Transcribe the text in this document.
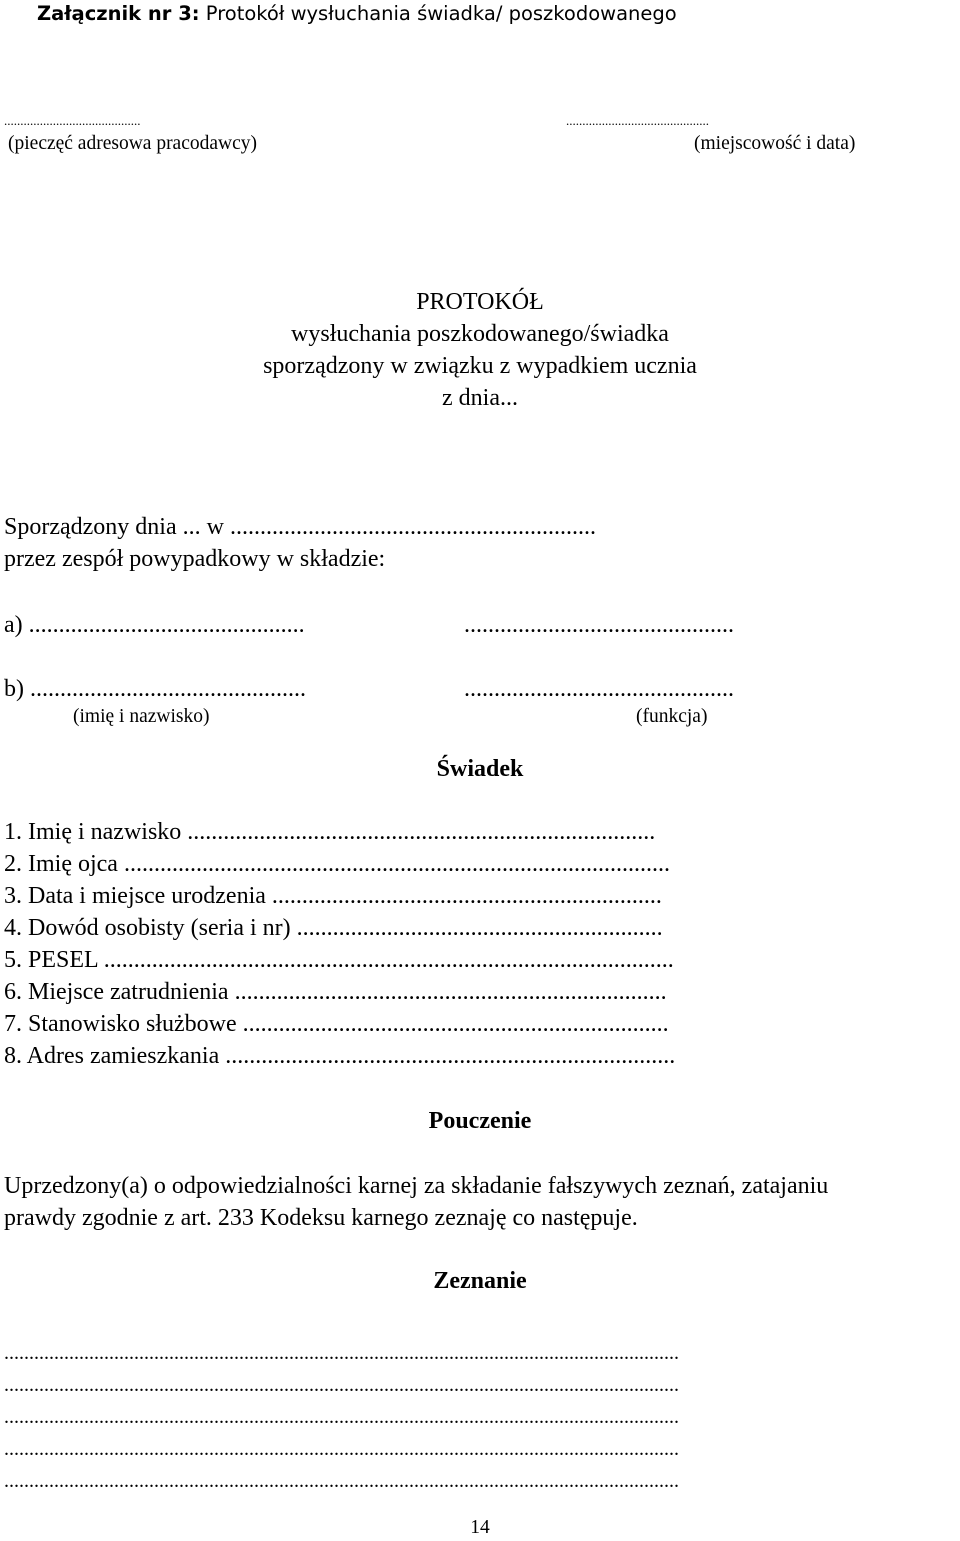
Załącznik nr 3: Protokół wysłuchania świadka/ poszkodowanego
..........................................
(pieczęć adresowa pracodawcy)
............................................
(miejscowość i data)
PROTOKÓŁ
wysłuchania poszkodowanego/świadka
sporządzony w związku z wypadkiem ucznia
z dnia...
Sporządzony dnia ... w .............................................................
przez zespół powypadkowy w składzie:
a) ..............................................	.............................................
b) ..............................................	.............................................
(imię i nazwisko)	(funkcja)
Świadek
1. Imię i nazwisko ..............................................................................
2. Imię ojca ...........................................................................................
3. Data i miejsce urodzenia .................................................................
4. Dowód osobisty (seria i nr) .............................................................
5. PESEL ...............................................................................................
6. Miejsce zatrudnienia ........................................................................
7. Stanowisko służbowe .......................................................................
8. Adres zamieszkania ...........................................................................
Pouczenie
Uprzedzony(a) o odpowiedzialności karnej za składanie fałszywych zeznań, zatajaniu
prawdy zgodnie z art. 233 Kodeksu karnego zeznaję co następuje.
Zeznanie
.......................................................................................................................................
.......................................................................................................................................
.......................................................................................................................................
.......................................................................................................................................
.......................................................................................................................................
14
